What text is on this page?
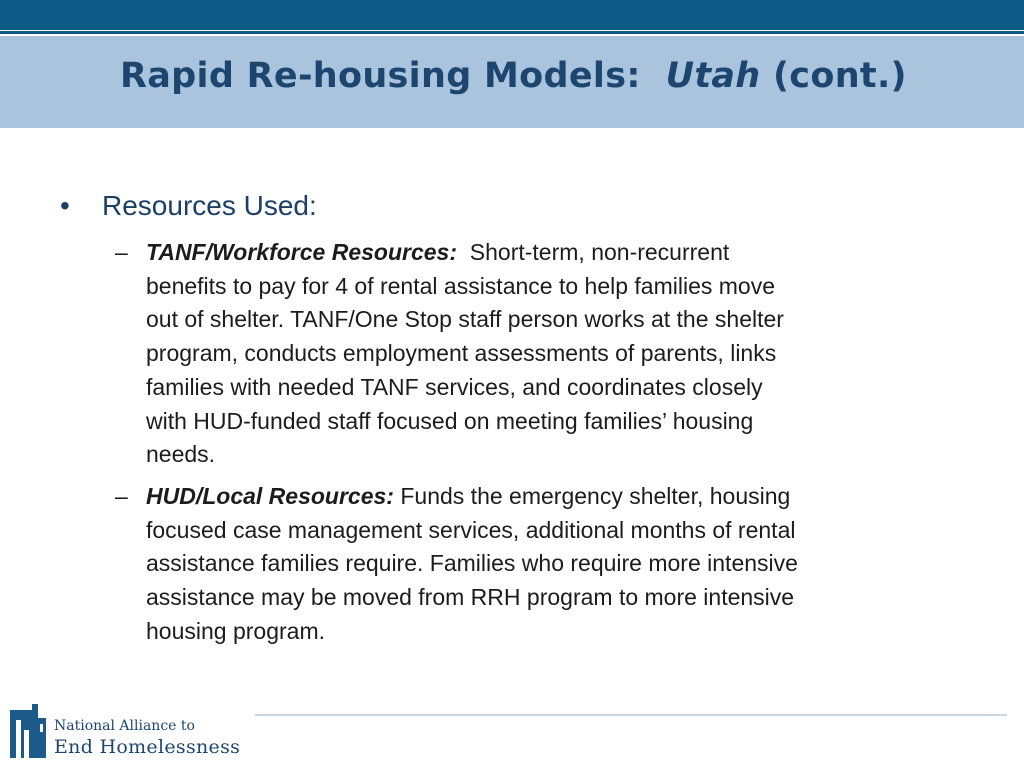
Rapid Re-housing Models: Utah (cont.)
• Resources Used:
– TANF/Workforce Resources: Short-term, non-recurrent
benefits to pay for 4 of rental assistance to help families move
out of shelter. TANF/One Stop staff person works at the shelter
program, conducts employment assessments of parents, links
families with needed TANF services, and coordinates closely
with HUD-funded staff focused on meeting families’ housing
needs.
– HUD/Local Resources: Funds the emergency shelter, housing
focused case management services, additional months of rental
assistance families require. Families who require more intensive
assistance may be moved from RRH program to more intensive
housing program.
National Alliance to
End Homelessness
